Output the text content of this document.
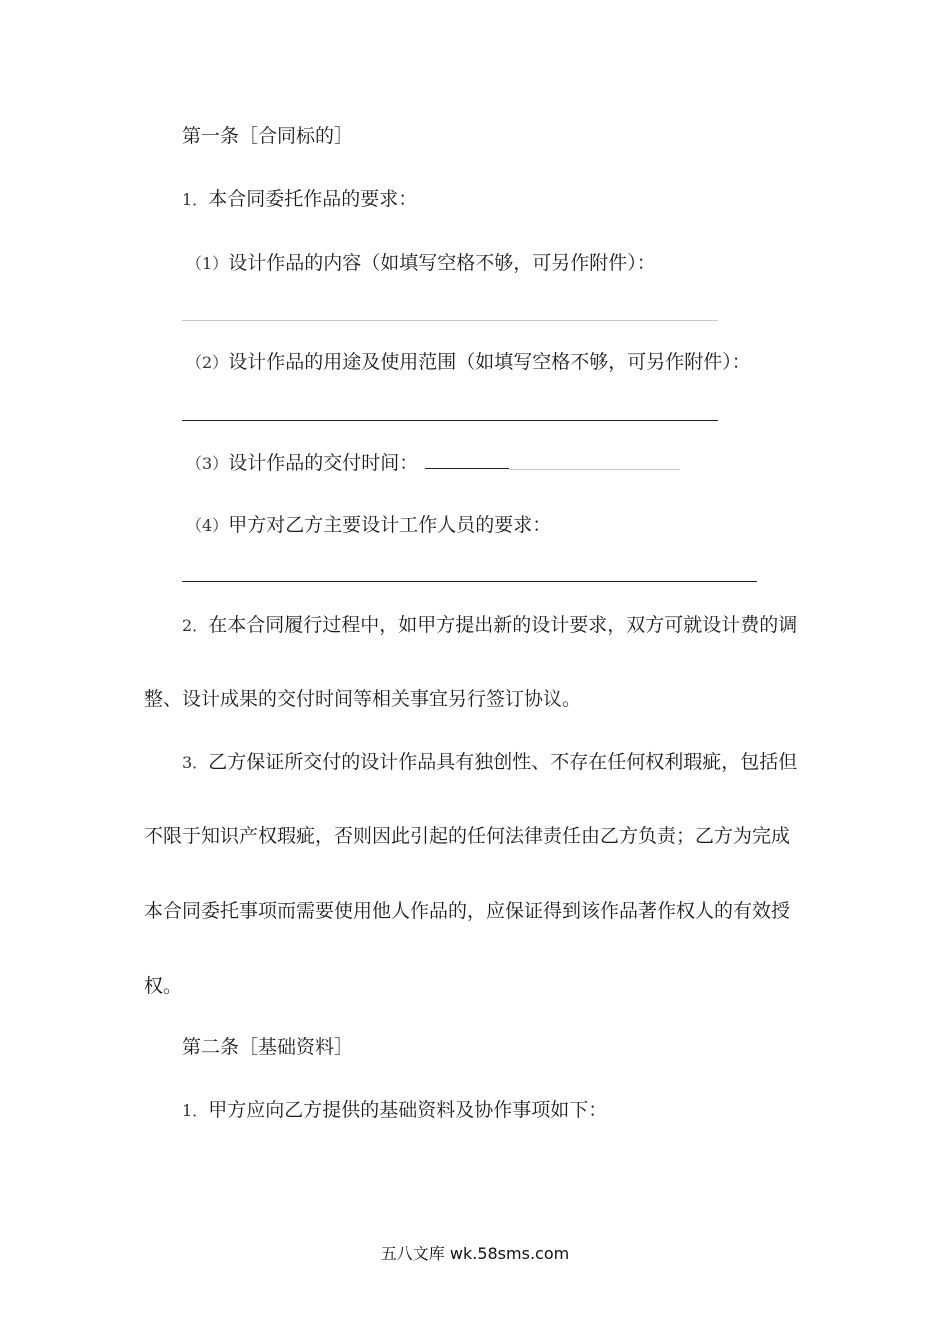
第一条［合同标的］

1．本合同委托作品的要求：

（1）设计作品的内容（如填写空格不够，可另作附件）：

（2）设计作品的用途及使用范围（如填写空格不够，可另作附件）：

（3）设计作品的交付时间：

（4）甲方对乙方主要设计工作人员的要求：

2．在本合同履行过程中，如甲方提出新的设计要求，双方可就设计费的调

整、设计成果的交付时间等相关事宜另行签订协议。

3．乙方保证所交付的设计作品具有独创性、不存在任何权利瑕疵，包括但

不限于知识产权瑕疵，否则因此引起的任何法律责任由乙方负责；乙方为完成

本合同委托事项而需要使用他人作品的，应保证得到该作品著作权人的有效授

权。

第二条［基础资料］

1．甲方应向乙方提供的基础资料及协作事项如下：

五八文库 wk.58sms.com
